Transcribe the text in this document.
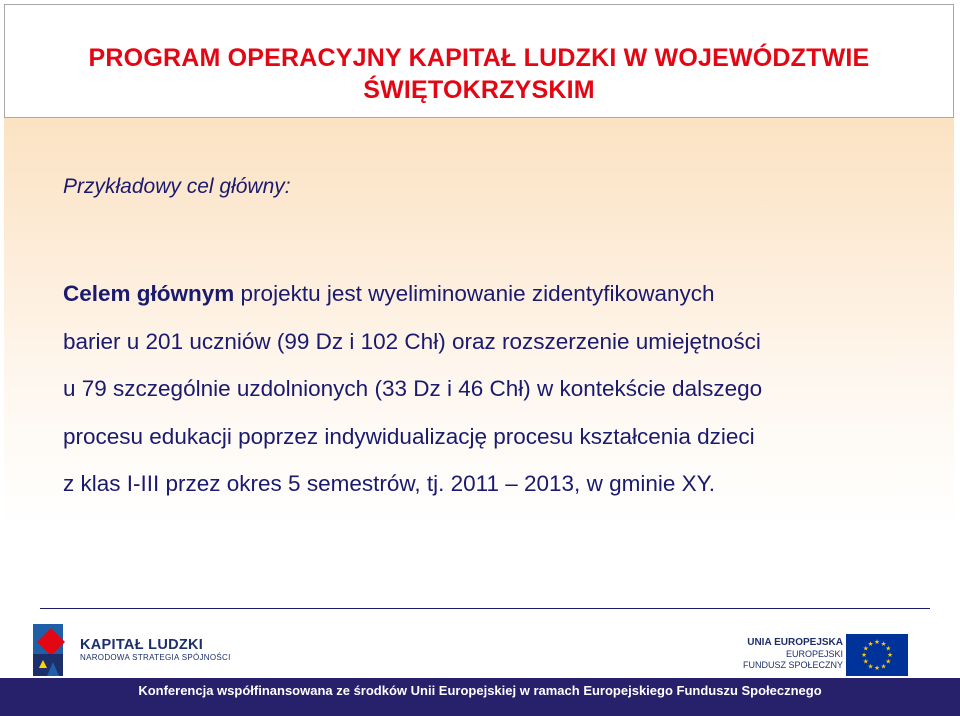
PROGRAM OPERACYJNY KAPITAŁ LUDZKI W WOJEWÓDZTWIE
ŚWIĘTOKRZYSKIM
Przykładowy cel główny:
Celem głównym projektu jest wyeliminowanie zidentyfikowanych
barier u 201 uczniów (99 Dz i 102 Chł) oraz rozszerzenie umiejętności
u 79 szczególnie uzdolnionych (33 Dz i 46 Chł) w kontekście dalszego
procesu edukacji poprzez indywidualizację procesu kształcenia dzieci
z klas I-III przez okres 5 semestrów, tj. 2011 – 2013, w gminie XY.
KAPITAŁ LUDZKI
NARODOWA STRATEGIA SPÓJNOŚCI
UNIA EUROPEJSKA
EUROPEJSKI
FUNDUSZ SPOŁECZNY
★ ★
★
★
★
★
★
★
★
★
★
★
Konferencja współfinansowana ze środków Unii Europejskiej w ramach Europejskiego Funduszu Społecznego
